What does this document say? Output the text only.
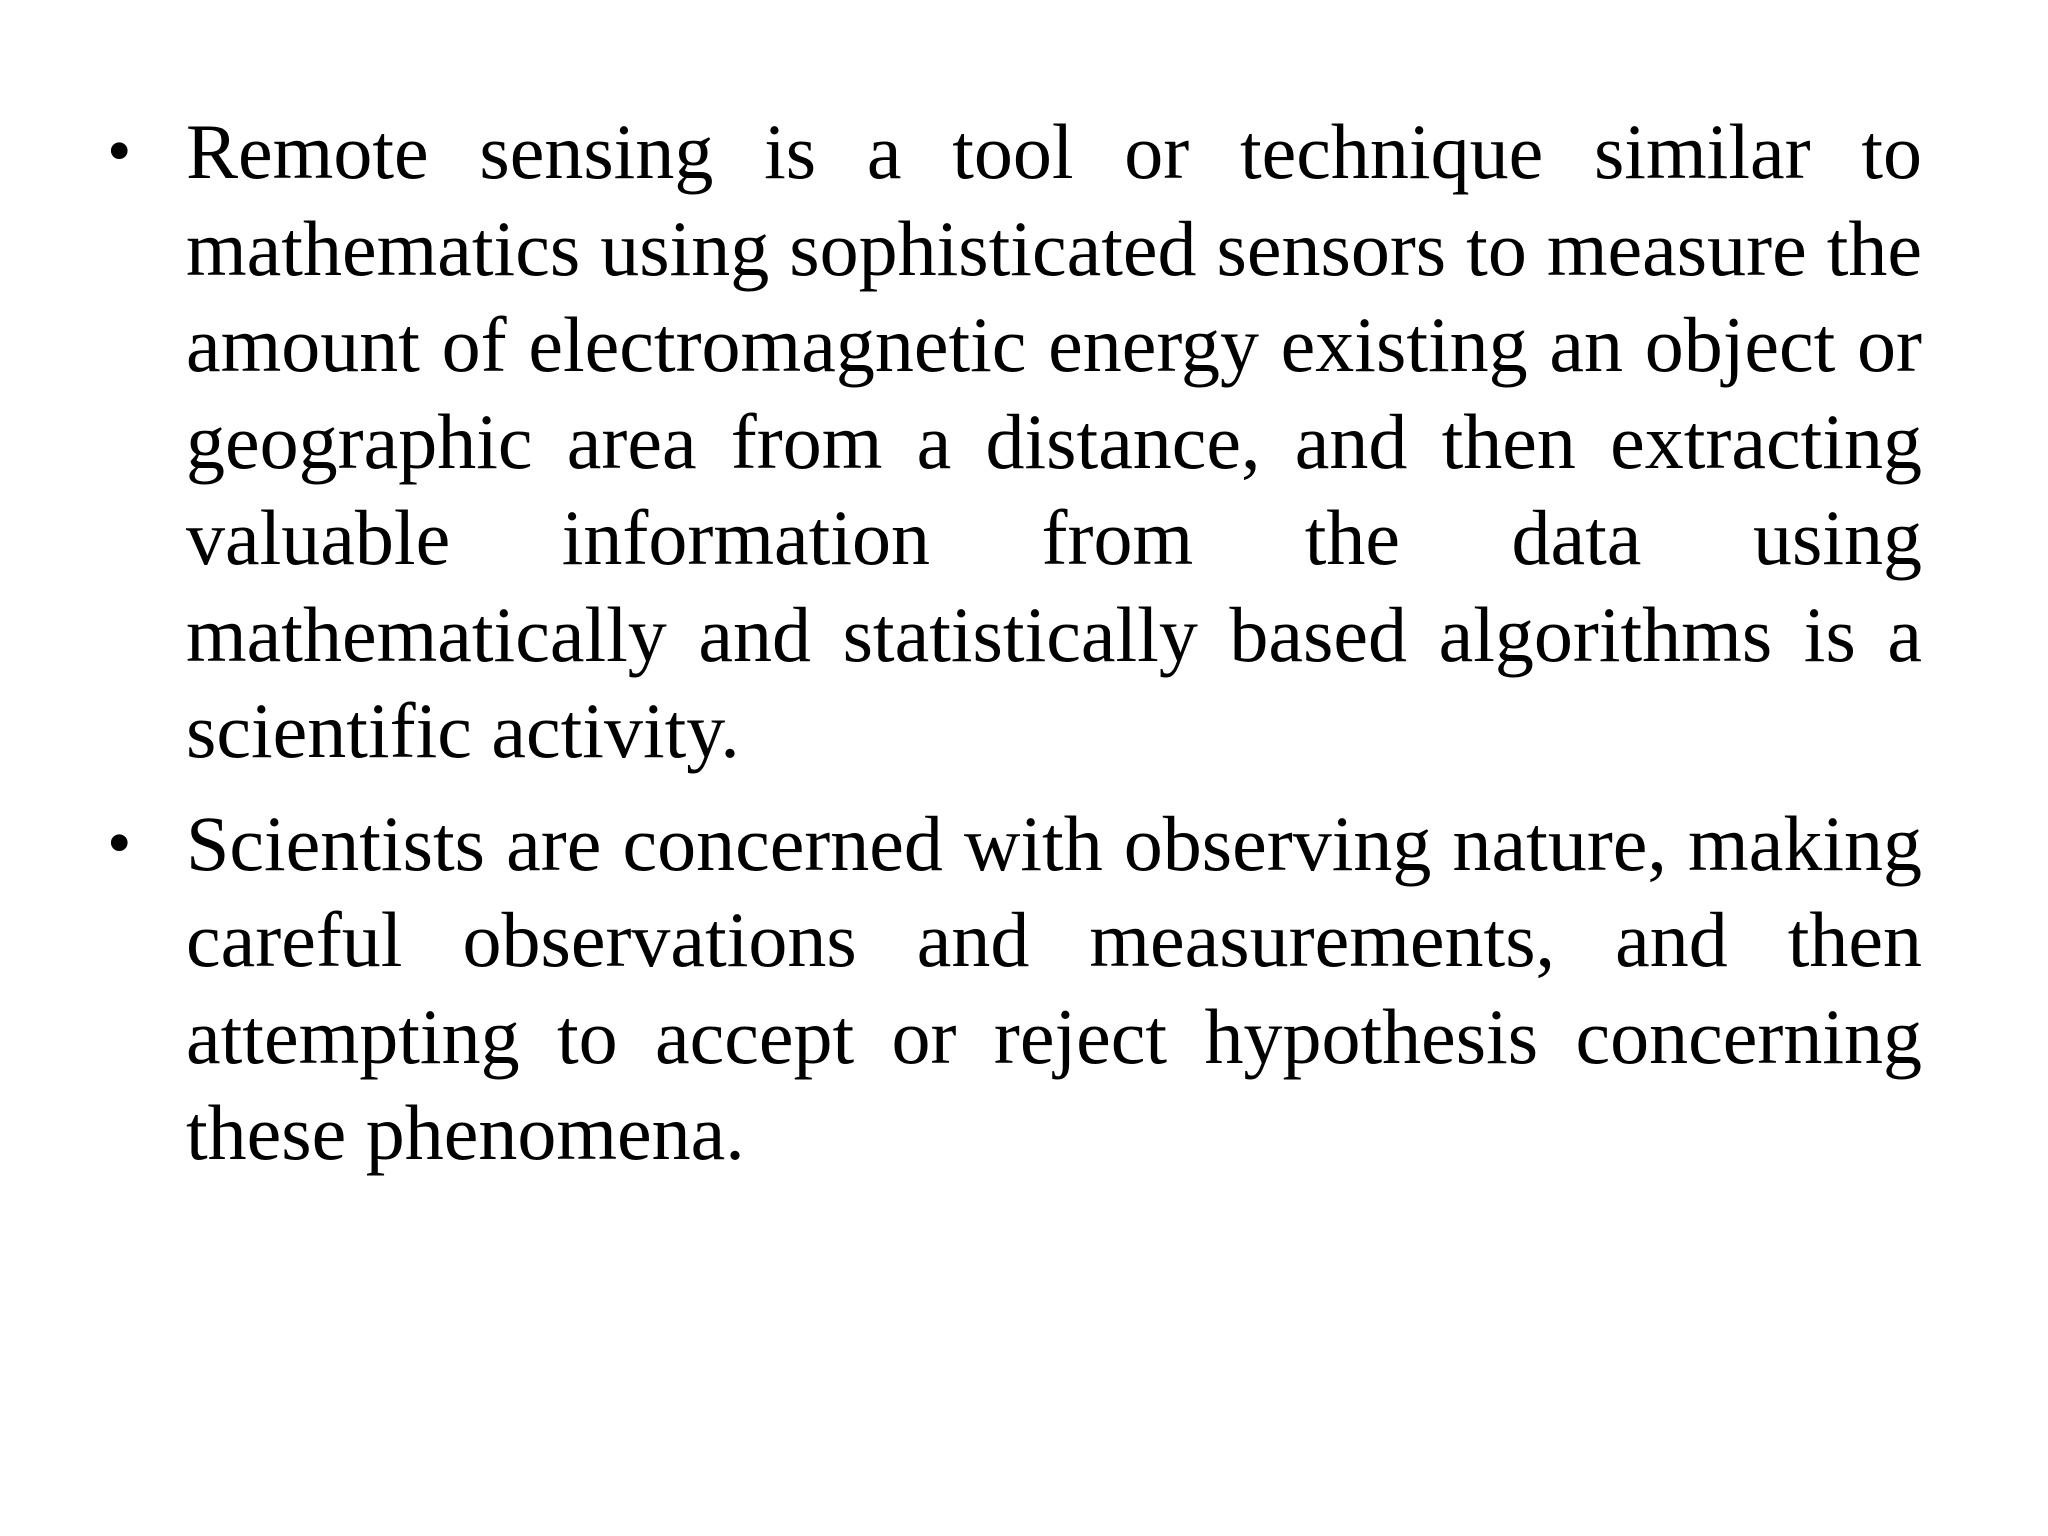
• Remote sensing is a tool or technique similar to mathematics using sophisticated sensors to measure the amount of electromagnetic energy existing an object or geographic area from a distance, and then extracting valuable information from the data using mathematically and statistically based algorithms is a scientific activity.
• Scientists are concerned with observing nature, making careful observations and measurements, and then attempting to accept or reject hypothesis concerning these phenomena.
